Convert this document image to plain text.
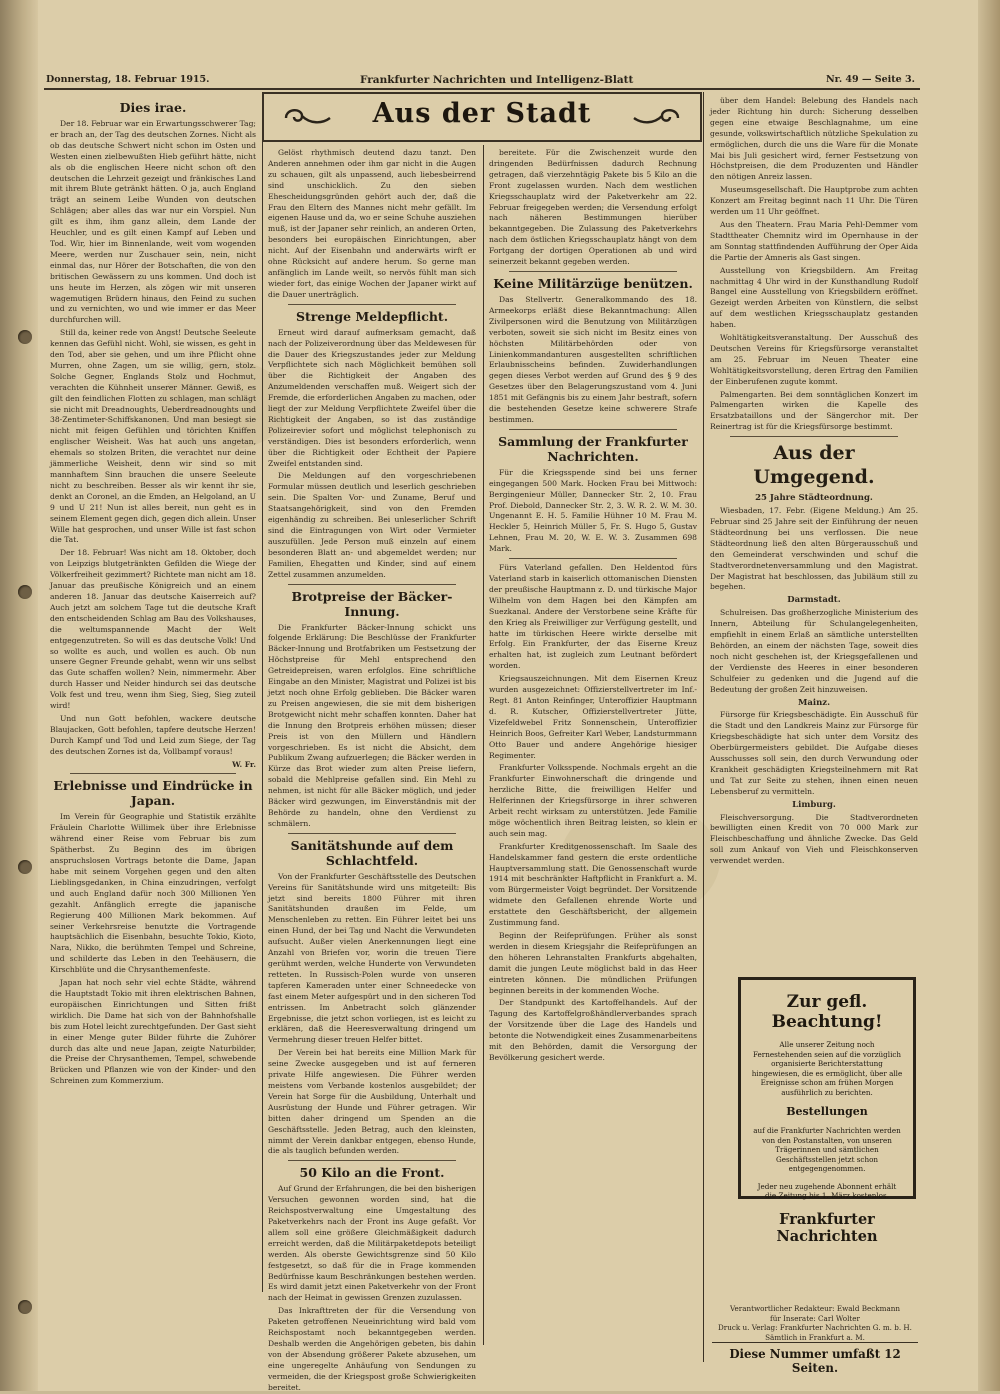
Donnerstag, 18. Februar 1915.	Frankfurter Nachrichten und Intelligenz-Blatt	Nr. 49 — Seite 3.
Aus der Stadt
Dies irae.

Der 18. Februar war ein Erwartungsschwerer Tag; er brach an, der Tag des deutschen Zornes. Nicht als ob das deutsche Schwert nicht schon im Osten und Westen einen zielbewußten Hieb geführt hätte, nicht als ob die englischen Heere nicht schon oft den deutschen die Lehrzeit gezeigt und fränkisches Land mit ihrem Blute getränkt hätten. O ja, auch England trägt an seinem Leibe Wunden von deutschen Schlägen; aber alles das war nur ein Vorspiel. Nun gilt es ihm, ihm ganz allein, dem Lande der Heuchler, und es gilt einen Kampf auf Leben und Tod. Wir, hier im Binnenlande, weit vom wogenden Meere, werden nur Zuschauer sein, nein, nicht einmal das, nur Hörer der Botschaften, die von den britischen Gewässern zu uns kommen. Und doch ist uns heute im Herzen, als zögen wir mit unseren wagemutigen Brüdern hinaus, den Feind zu suchen und zu vernichten, wo und wie immer er das Meer durchfurchen will.

Still da, keiner rede von Angst! Deutsche Seeleute kennen das Gefühl nicht. Wohl, sie wissen, es geht in den Tod, aber sie gehen, und um ihre Pflicht ohne Murren, ohne Zagen, um sie willig, gern, stolz. Solche Gegner, Englands Stolz und Hochmut, verachten die Kühnheit unserer Männer. Gewiß, es gilt den feindlichen Flotten zu schlagen, man schlägt sie nicht mit Dreadnoughts, Ueberdreadnoughts und 38-Zentimeter-Schiffskanonen. Und man besiegt sie nicht mit feigen Gefühlen und törichten Kniffen englischer Weisheit. Was hat auch uns angetan, ehemals so stolzen Briten, die verachtet nur deine jämmerliche Weisheit, denn wir sind so mit mannhaftem Sinn brauchen die unsere Seeleute nicht zu beschreiben. Besser als wir kennt ihr sie, denkt an Coronel, an die Emden, an Helgoland, an U 9 und U 21! Nun ist alles bereit, nun geht es in seinem Element gegen dich, gegen dich allein. Unser Wille hat gesprochen, und unser Wille ist fast schon die Tat.

Der 18. Februar! Was nicht am 18. Oktober, doch von Leipzigs blutgetränkten Gefilden die Wiege der Völkerfreiheit gezimmert? Richtete man nicht am 18. Januar das preußische Königreich und an einem anderen 18. Januar das deutsche Kaiserreich auf? Auch jetzt am solchem Tage tut die deutsche Kraft den entscheidenden Schlag am Bau des Volkshauses, die weltumspannende Macht der Welt entgegenzutreten. So will es das deutsche Volk! Und so wollte es auch, und wollen es auch. Ob nun unsere Gegner Freunde gehabt, wenn wir uns selbst das Gute schaffen wollen? Nein, nimmermehr. Aber durch Hasser und Neider hindurch sei das deutsche Volk fest und treu, wenn ihm Sieg, Sieg, Sieg zuteil wird!

Und nun Gott befohlen, wackere deutsche Blaujacken, Gott befohlen, tapfere deutsche Herzen! Durch Kampf und Tod und Leid zum Siege, der Tag des deutschen Zornes ist da, Vollbampf voraus!

W. Fr.
Erlebnisse und Eindrücke in Japan.

Im Verein für Geographie und Statistik erzählte Fräulein Charlotte Willimek über ihre Erlebnisse während einer Reise vom Februar bis zum Spätherbst. Zu Beginn des im übrigen anspruchslosen Vortrags betonte die Dame, Japan habe mit seinem Vorgehen gegen und den alten Lieblingsgedanken, in China einzudringen, verfolgt und auch England dafür noch 300 Millionen Yen gezahlt. Anfänglich erregte die japanische Regierung 400 Millionen Mark bekommen. Auf seiner Verkehrsreise benutzte die Vortragende hauptsächlich die Eisenbahn, besuchte Tokio, Kioto, Nara, Nikko, die berühmten Tempel und Schreine, und schilderte das Leben in den Teehäusern, die Kirschblüte und die Chrysanthemenfeste.

Japan hat noch sehr viel echte Städte, während die Hauptstadt Tokio mit ihren elektrischen Bahnen, europäischen Einrichtungen und Sitten frißt wirklich. Die Dame hat sich von der Bahnhofshalle bis zum Hotel leicht zurechtgefunden. Der Gast sieht in einer Menge guter Bilder führte die Zuhörer durch das alte und neue Japan, zeigte Naturbilder, die Preise der Chrysanthemen, Tempel, schwebende Brücken und Pflanzen wie von der Kinder- und den Schreinen zum Kommerzium.

Gelöst rhythmisch deutend dazu tanzt. Den Anderen annehmen oder ihm gar nicht in die Augen zu schauen, gilt als unpassend, auch liebesbeirrend sind unschicklich. Zu den sieben Ehescheidungsgründen gehört auch der, daß die Frau den Eltern des Mannes nicht mehr gefällt. Im eigenen Hause und da, wo er seine Schuhe ausziehen muß, ist der Japaner sehr reinlich, an anderen Orten, besonders bei europäischen Einrichtungen, aber nicht. Auf der Eisenbahn und anderwärts wirft er ohne Rücksicht auf andere herum. So gerne man anfänglich im Lande weilt, so nervös fühlt man sich wieder fort, das einige Wochen der Japaner wirkt auf die Dauer unerträglich.

Strenge Meldepflicht.

Erneut wird darauf aufmerksam gemacht, daß nach der Polizeiverordnung über das Meldewesen für die Dauer des Kriegszustandes jeder zur Meldung Verpflichtete sich nach Möglichkeit bemühen soll über die Richtigkeit der Angaben des Anzumeldenden verschaffen muß. Weigert sich der Fremde, die erforderlichen Angaben zu machen, oder liegt der zur Meldung Verpflichtete Zweifel über die Richtigkeit der Angaben, so ist das zuständige Polizeirevier sofort und möglichst telephonisch zu verständigen. Dies ist besonders erforderlich, wenn über die Richtigkeit oder Echtheit der Papiere Zweifel entstanden sind.

Die Meldungen auf den vorgeschriebenen Formular müssen deutlich und leserlich geschrieben sein. Die Spalten Vor- und Zuname, Beruf und Staatsangehörigkeit, sind von den Fremden eigenhändig zu schreiben. Bei unleserlicher Schrift sind die Eintragungen von Wirt oder Vermieter auszufüllen. Jede Person muß einzeln auf einem besonderen Blatt an- und abgemeldet werden; nur Familien, Ehegatten und Kinder, sind auf einem Zettel zusammen anzumelden.

Brotpreise der Bäcker-Innung.

Die Frankfurter Bäcker-Innung schickt uns folgende Erklärung: Die Beschlüsse der Frankfurter Bäcker-Innung und Brotfabriken um Festsetzung der Höchstpreise für Mehl entsprechend den Getreidepreisen, waren erfolglos. Eine schriftliche Eingabe an den Minister, Magistrat und Polizei ist bis jetzt noch ohne Erfolg geblieben. Die Bäcker waren zu Preisen angewiesen, die sie mit dem bisherigen Brotgewicht nicht mehr schaffen konnten. Daher hat die Innung den Brotpreis erhöhen müssen; dieser Preis ist von den Müllern und Händlern vorgeschrieben. Es ist nicht die Absicht, dem Publikum Zwang aufzuerlegen; die Bäcker werden in Kürze das Brot wieder zum alten Preise liefern, sobald die Mehlpreise gefallen sind. Ein Mehl zu nehmen, ist nicht für alle Bäcker möglich, und jeder Bäcker wird gezwungen, im Einverständnis mit der Behörde zu handeln, ohne den Verdienst zu schmälern.

Sanitätshunde auf dem Schlachtfeld.

Von der Frankfurter Geschäftsstelle des Deutschen Vereins für Sanitätshunde wird uns mitgeteilt: Bis jetzt sind bereits 1800 Führer mit ihren Sanitätshunden draußen im Felde, um Menschenleben zu retten. Ein Führer leitet bei uns einen Hund, der bei Tag und Nacht die Verwundeten aufsucht. Außer vielen Anerkennungen liegt eine Anzahl von Briefen vor, worin die treuen Tiere gerühmt werden, welche Hunderte von Verwundeten retteten. In Russisch-Polen wurde von unseren tapferen Kameraden unter einer Schneedecke von fast einem Meter aufgespürt und in den sicheren Tod entrissen. Im Anbetracht solch glänzender Ergebnisse, die jetzt schon vorliegen, ist es leicht zu erklären, daß die Heeresverwaltung dringend um Vermehrung dieser treuen Helfer bittet.

Der Verein bei hat bereits eine Million Mark für seine Zwecke ausgegeben und ist auf ferneren private Hilfe angewiesen. Die Führer werden meistens vom Verbande kostenlos ausgebildet; der Verein hat Sorge für die Ausbildung, Unterhalt und Ausrüstung der Hunde und Führer getragen. Wir bitten daher dringend um Spenden an die Geschäftsstelle. Jeden Betrag, auch den kleinsten, nimmt der Verein dankbar entgegen, ebenso Hunde, die als tauglich befunden werden.

50 Kilo an die Front.

Auf Grund der Erfahrungen, die bei den bisherigen Versuchen gewonnen worden sind, hat die Reichspostverwaltung eine Umgestaltung des Paketverkehrs nach der Front ins Auge gefaßt. Vor allem soll eine größere Gleichmäßigkeit dadurch erreicht werden, daß die Militärpaketdepots beteiligt werden. Als oberste Gewichtsgrenze sind 50 Kilo festgesetzt, so daß für die in Frage kommenden Bedürfnisse kaum Beschränkungen bestehen werden. Es wird damit jetzt einen Paketverkehr von der Front nach der Heimat in gewissen Grenzen zuzulassen.

Das Inkrafttreten der für die Versendung von Paketen getroffenen Neueinrichtung wird bald vom Reichspostamt noch bekanntgegeben werden. Deshalb werden die Angehörigen gebeten, bis dahin von der Absendung größerer Pakete abzusehen, um eine ungeregelte Anhäufung von Sendungen zu vermeiden, die der Kriegspost große Schwierigkeiten bereitet.

bereitete. Für die Zwischenzeit wurde den dringenden Bedürfnissen dadurch Rechnung getragen, daß vierzehntägig Pakete bis 5 Kilo an die Front zugelassen wurden. Nach dem westlichen Kriegsschauplatz wird der Paketverkehr am 22. Februar freigegeben werden; die Versendung erfolgt nach näheren Bestimmungen hierüber bekanntgegeben. Die Zulassung des Paketverkehrs nach dem östlichen Kriegsschauplatz hängt von dem Fortgang der dortigen Operationen ab und wird seinerzeit bekannt gegeben werden.

Keine Militärzüge benützen.

Das Stellvertr. Generalkommando des 18. Armeekorps erläßt diese Bekanntmachung: Allen Zivilpersonen wird die Benutzung von Militärzügen verboten, soweit sie sich nicht im Besitz eines von höchsten Militärbehörden oder von Linienkommandanturen ausgestellten schriftlichen Erlaubnisscheins befinden. Zuwiderhandlungen gegen dieses Verbot werden auf Grund des § 9 des Gesetzes über den Belagerungszustand vom 4. Juni 1851 mit Gefängnis bis zu einem Jahr bestraft, sofern die bestehenden Gesetze keine schwerere Strafe bestimmen.

Sammlung der Frankfurter Nachrichten.

Für die Kriegsspende sind bei uns ferner eingegangen 500 Mark. Hocken Frau bei Mittwoch: Bergingenieur Müller, Dannecker Str. 2, 10. Frau Prof. Diebold, Dannecker Str. 2, 3. W. R. 2. W. M. 30. Ungenannt E. H. 5. Familie Hühner 10 M. Frau M. Heckler 5, Heinrich Müller 5, Fr. S. Hugo 5, Gustav Lehnen, Frau M. 20, W. E. W. 3. Zusammen 698 Mark.

Fürs Vaterland gefallen. Den Heldentod fürs Vaterland starb in kaiserlich ottomanischen Diensten der preußische Hauptmann z. D. und türkische Major Wilhelm von dem Hagen bei den Kämpfen am Suezkanal. Andere der Verstorbene seine Kräfte für den Krieg als Freiwilliger zur Verfügung gestellt, und hatte im türkischen Heere wirkte derselbe mit Erfolg. Ein Frankfurter, der das Eiserne Kreuz erhalten hat, ist zugleich zum Leutnant befördert worden.

Kriegsauszeichnungen. Mit dem Eisernen Kreuz wurden ausgezeichnet: Offizierstellvertreter im Inf.-Regt. 81 Anton Reinfinger, Unteroffizier Hauptmann d. R. Kutscher, Offizierstellvertreter Jütte, Vizefeldwebel Fritz Sonnenschein, Unteroffizier Heinrich Boos, Gefreiter Karl Weber, Landsturmmann Otto Bauer und andere Angehörige hiesiger Regimenter.

Frankfurter Volksspende. Nochmals ergeht an die Frankfurter Einwohnerschaft die dringende und herzliche Bitte, die freiwilligen Helfer und Helferinnen der Kriegsfürsorge in ihrer schweren Arbeit recht wirksam zu unterstützen. Jede Familie möge wöchentlich ihren Beitrag leisten, so klein er auch sein mag.

Frankfurter Kreditgenossenschaft. Im Saale des Handelskammer fand gestern die erste ordentliche Hauptversammlung statt. Die Genossenschaft wurde 1914 mit beschränkter Haftpflicht in Frankfurt a. M. vom Bürgermeister Voigt begründet. Der Vorsitzende widmete den Gefallenen ehrende Worte und erstattete den Geschäftsbericht, der allgemein Zustimmung fand.

Beginn der Reifeprüfungen. Früher als sonst werden in diesem Kriegsjahr die Reifeprüfungen an den höheren Lehranstalten Frankfurts abgehalten, damit die jungen Leute möglichst bald in das Heer eintreten können. Die mündlichen Prüfungen beginnen bereits in der kommenden Woche.

Der Standpunkt des Kartoffelhandels. Auf der Tagung des Kartoffelgroßhändlerverbandes sprach der Vorsitzende über die Lage des Handels und betonte die Notwendigkeit eines Zusammenarbeitens mit den Behörden, damit die Versorgung der Bevölkerung gesichert werde.

über dem Handel: Belebung des Handels nach jeder Richtung hin durch: Sicherung desselben gegen eine etwaige Beschlagnahme, um eine gesunde, volkswirtschaftlich nützliche Spekulation zu ermöglichen, durch die uns die Ware für die Monate Mai bis Juli gesichert wird, ferner Festsetzung von Höchstpreisen, die dem Produzenten und Händler den nötigen Anreiz lassen.

Museumsgesellschaft. Die Hauptprobe zum achten Konzert am Freitag beginnt nach 11 Uhr. Die Türen werden um 11 Uhr geöffnet.

Aus den Theatern. Frau Maria Pehl-Demmer vom Stadttheater Chemnitz wird im Opernhause in der am Sonntag stattfindenden Aufführung der Oper Aida die Partie der Amneris als Gast singen.

Ausstellung von Kriegsbildern. Am Freitag nachmittag 4 Uhr wird in der Kunsthandlung Rudolf Bangel eine Ausstellung von Kriegsbildern eröffnet. Gezeigt werden Arbeiten von Künstlern, die selbst auf dem westlichen Kriegsschauplatz gestanden haben.

Wohltätigkeitsveranstaltung. Der Ausschuß des Deutschen Vereins für Kriegsfürsorge veranstaltet am 25. Februar im Neuen Theater eine Wohltätigkeitsvorstellung, deren Ertrag den Familien der Einberufenen zugute kommt.

Palmengarten. Bei dem sonntäglichen Konzert im Palmengarten wirken die Kapelle des Ersatzbataillons und der Sängerchor mit. Der Reinertrag ist für die Kriegsfürsorge bestimmt.

Aus der Umgegend.
25 Jahre Städteordnung.

Wiesbaden, 17. Febr. (Eigene Meldung.) Am 25. Februar sind 25 Jahre seit der Einführung der neuen Städteordnung bei uns verflossen. Die neue Städteordnung ließ den alten Bürgerausschuß und den Gemeinderat verschwinden und schuf die Stadtverordnetenversammlung und den Magistrat. Der Magistrat hat beschlossen, das Jubiläum still zu begehen.

Darmstadt.

Schulreisen. Das großherzogliche Ministerium des Innern, Abteilung für Schulangelegenheiten, empfiehlt in einem Erlaß an sämtliche unterstellten Behörden, an einem der nächsten Tage, soweit dies noch nicht geschehen ist, der Kriegsgefallenen und der Verdienste des Heeres in einer besonderen Schulfeier zu gedenken und die Jugend auf die Bedeutung der großen Zeit hinzuweisen.

Mainz.

Fürsorge für Kriegsbeschädigte. Ein Ausschuß für die Stadt und den Landkreis Mainz zur Fürsorge für Kriegsbeschädigte hat sich unter dem Vorsitz des Oberbürgermeisters gebildet. Die Aufgabe dieses Ausschusses soll sein, den durch Verwundung oder Krankheit geschädigten Kriegsteilnehmern mit Rat und Tat zur Seite zu stehen, ihnen einen neuen Lebensberuf zu vermitteln.

Limburg.

Fleischversorgung. Die Stadtverordneten bewilligten einen Kredit von 70 000 Mark zur Fleischbeschaffung und ähnliche Zwecke. Das Geld soll zum Ankauf von Vieh und Fleischkonserven verwendet werden.

Zur gefl. Beachtung!
Alle unserer Zeitung noch Fernestehenden seien auf die vorzüglich organisierte Berichterstattung hingewiesen, die es ermöglicht, über alle Ereignisse schon am frühen Morgen ausführlich zu berichten.
Bestellungen
auf die Frankfurter Nachrichten werden von den Postanstalten, von unseren Trägerinnen und sämtlichen Geschäftsstellen jetzt schon entgegengenommen.
Jeder neu zugehende Abonnent erhält die Zeitung bis 1. März kostenlos.
Frankfurter Nachrichten
Verantwortlicher Redakteur: Ewald Beckmann
für Inserate: Carl Wolter
Druck u. Verlag: Frankfurter Nachrichten G. m. b. H.
Sämtlich in Frankfurt a. M.
Diese Nummer umfaßt 12 Seiten.
